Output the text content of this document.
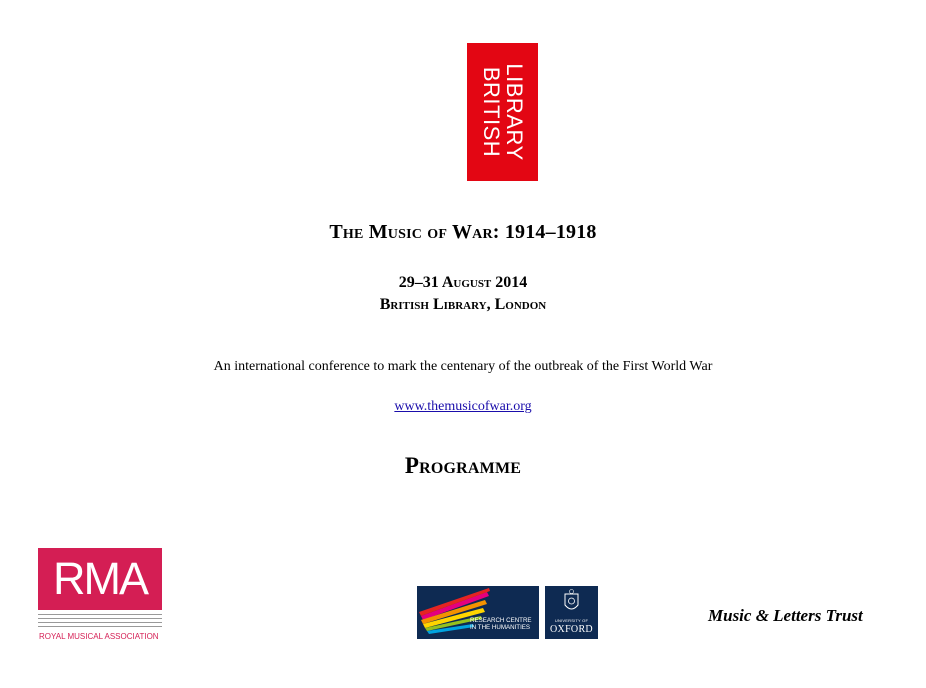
LIBRARY
BRITISH
The Music of War: 1914–1918
29–31 August 2014
British Library, London
An international conference to mark the centenary of the outbreak of the First World War
www.themusicofwar.org
Programme
RMA
ROYAL MUSICAL ASSOCIATION
RESEARCH CENTRE
IN THE HUMANITIES
UNIVERSITY OF
OXFORD
Music & Letters Trust
